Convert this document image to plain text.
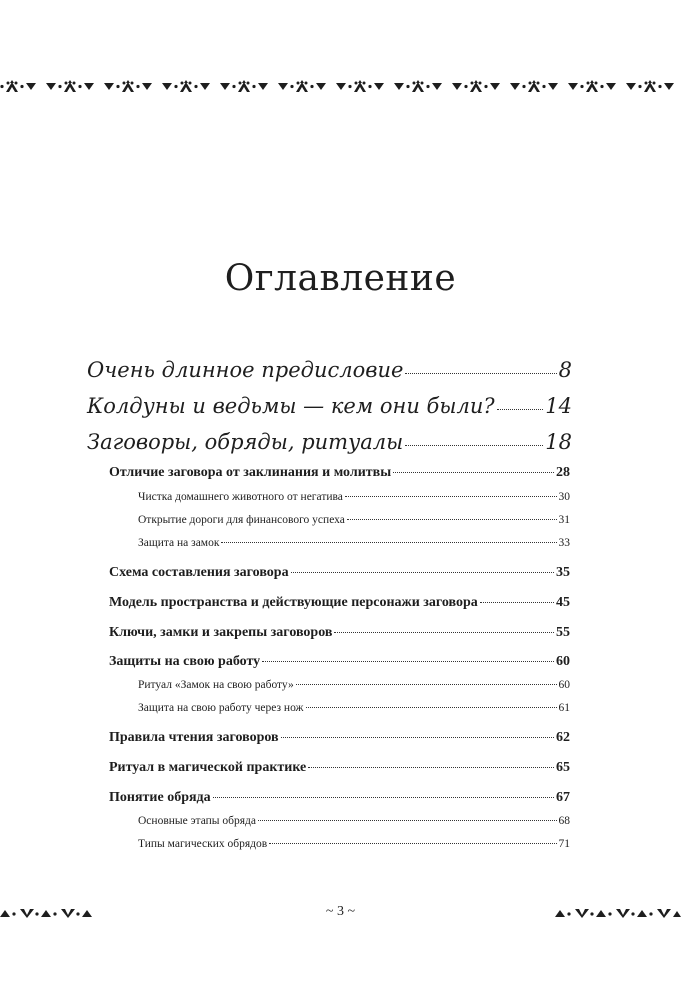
Оглавление
Очень длинное предисловие	8
Колдуны и ведьмы — кем они были? 14
Заговоры, обряды, ритуалы	18
Отличие заговора от заклинания и молитвы	28
Чистка домашнего животного от негатива	30
Открытие дороги для финансового успеха	31
Защита на замок	33
Схема составления заговора	35
Модель пространства и действующие персонажи заговора	45
Ключи, замки и закрепы заговоров	55
Защиты на свою работу	60
Ритуал «Замок на свою работу»	60
Защита на свою работу через нож	61
Правила чтения заговоров	62
Ритуал в магической практике	65
Понятие обряда	67
Основные этапы обряда	68
Типы магических обрядов	71
~ 3 ~
